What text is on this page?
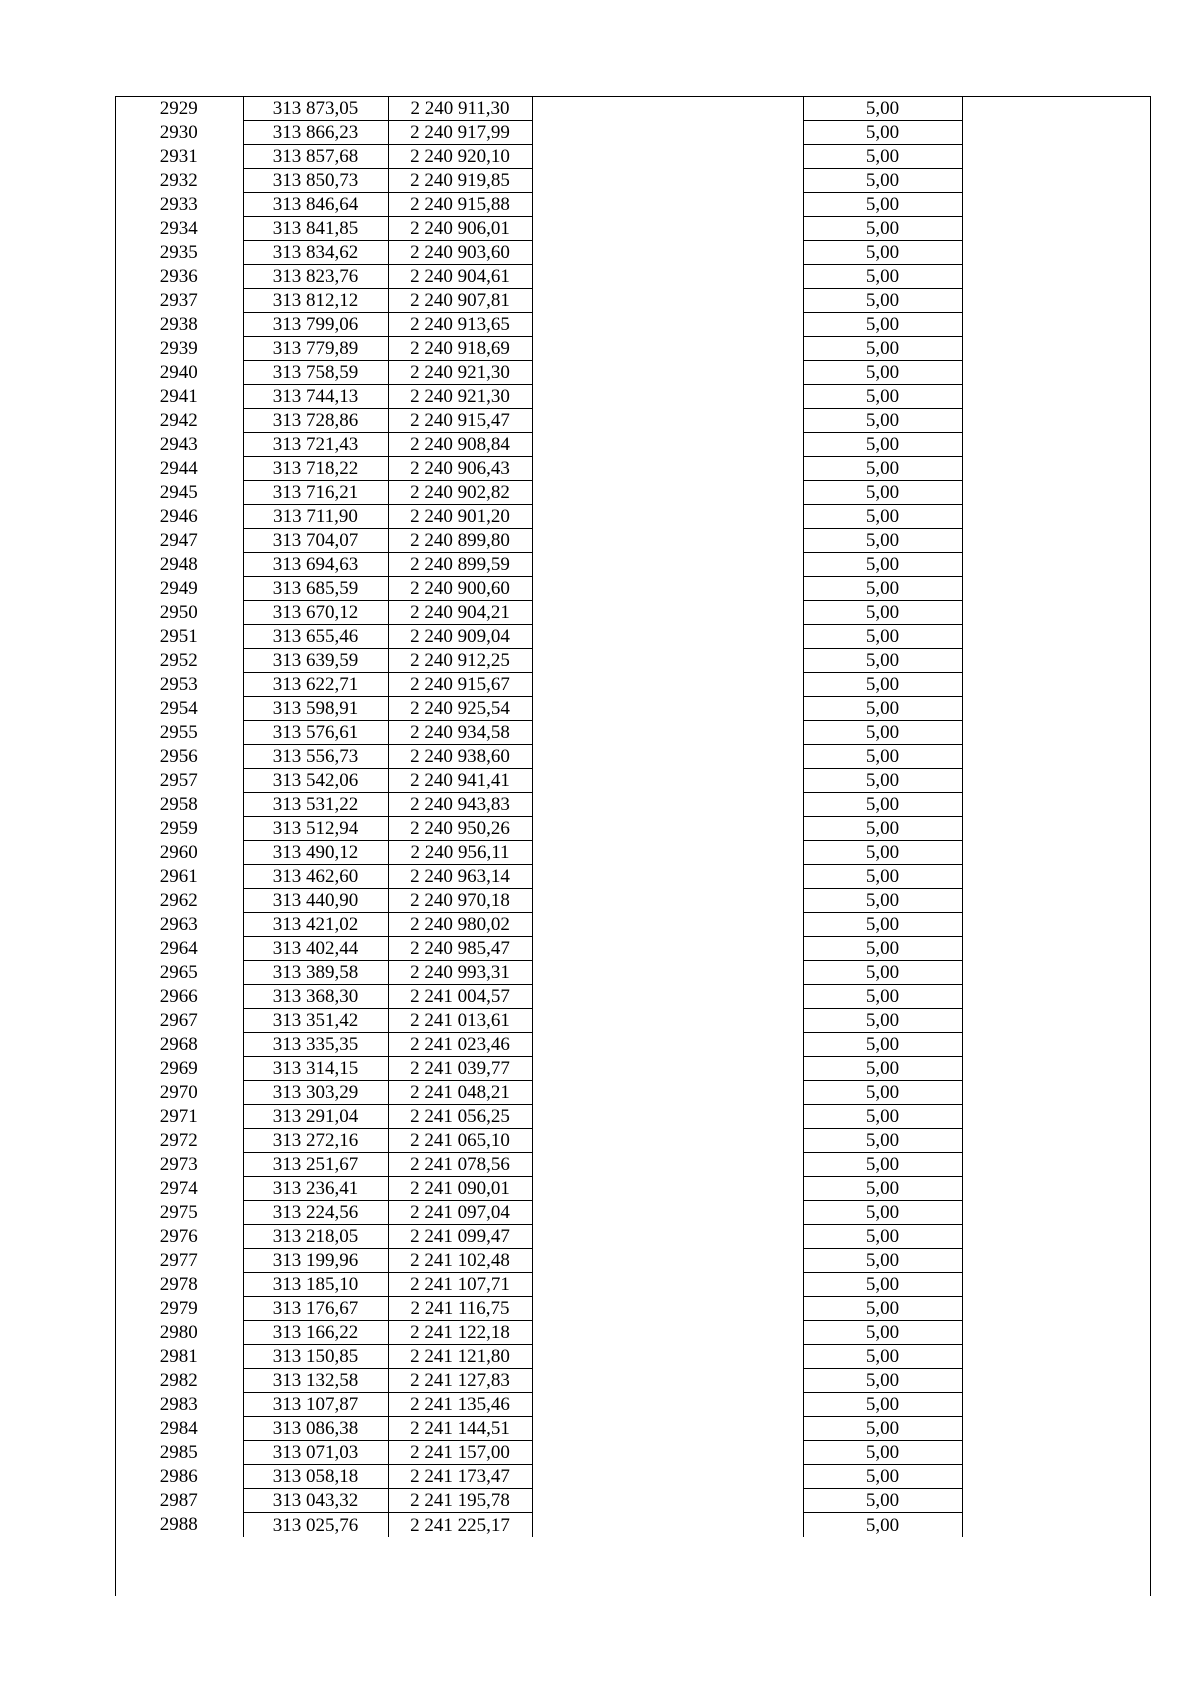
2929	313 873,05	2 240 911,30		5,00	
2930	313 866,23	2 240 917,99		5,00	
2931	313 857,68	2 240 920,10		5,00	
2932	313 850,73	2 240 919,85		5,00	
2933	313 846,64	2 240 915,88		5,00	
2934	313 841,85	2 240 906,01		5,00	
2935	313 834,62	2 240 903,60		5,00	
2936	313 823,76	2 240 904,61		5,00	
2937	313 812,12	2 240 907,81		5,00	
2938	313 799,06	2 240 913,65		5,00	
2939	313 779,89	2 240 918,69		5,00	
2940	313 758,59	2 240 921,30		5,00	
2941	313 744,13	2 240 921,30		5,00	
2942	313 728,86	2 240 915,47		5,00	
2943	313 721,43	2 240 908,84		5,00	
2944	313 718,22	2 240 906,43		5,00	
2945	313 716,21	2 240 902,82		5,00	
2946	313 711,90	2 240 901,20		5,00	
2947	313 704,07	2 240 899,80		5,00	
2948	313 694,63	2 240 899,59		5,00	
2949	313 685,59	2 240 900,60		5,00	
2950	313 670,12	2 240 904,21		5,00	
2951	313 655,46	2 240 909,04		5,00	
2952	313 639,59	2 240 912,25		5,00	
2953	313 622,71	2 240 915,67		5,00	
2954	313 598,91	2 240 925,54		5,00	
2955	313 576,61	2 240 934,58		5,00	
2956	313 556,73	2 240 938,60		5,00	
2957	313 542,06	2 240 941,41		5,00	
2958	313 531,22	2 240 943,83		5,00	
2959	313 512,94	2 240 950,26		5,00	
2960	313 490,12	2 240 956,11		5,00	
2961	313 462,60	2 240 963,14		5,00	
2962	313 440,90	2 240 970,18		5,00	
2963	313 421,02	2 240 980,02		5,00	
2964	313 402,44	2 240 985,47		5,00	
2965	313 389,58	2 240 993,31		5,00	
2966	313 368,30	2 241 004,57		5,00	
2967	313 351,42	2 241 013,61		5,00	
2968	313 335,35	2 241 023,46		5,00	
2969	313 314,15	2 241 039,77		5,00	
2970	313 303,29	2 241 048,21		5,00	
2971	313 291,04	2 241 056,25		5,00	
2972	313 272,16	2 241 065,10		5,00	
2973	313 251,67	2 241 078,56		5,00	
2974	313 236,41	2 241 090,01		5,00	
2975	313 224,56	2 241 097,04		5,00	
2976	313 218,05	2 241 099,47		5,00	
2977	313 199,96	2 241 102,48		5,00	
2978	313 185,10	2 241 107,71		5,00	
2979	313 176,67	2 241 116,75		5,00	
2980	313 166,22	2 241 122,18		5,00	
2981	313 150,85	2 241 121,80		5,00	
2982	313 132,58	2 241 127,83		5,00	
2983	313 107,87	2 241 135,46		5,00	
2984	313 086,38	2 241 144,51		5,00	
2985	313 071,03	2 241 157,00		5,00	
2986	313 058,18	2 241 173,47		5,00	
2987	313 043,32	2 241 195,78		5,00	
2988	313 025,76	2 241 225,17		5,00	
